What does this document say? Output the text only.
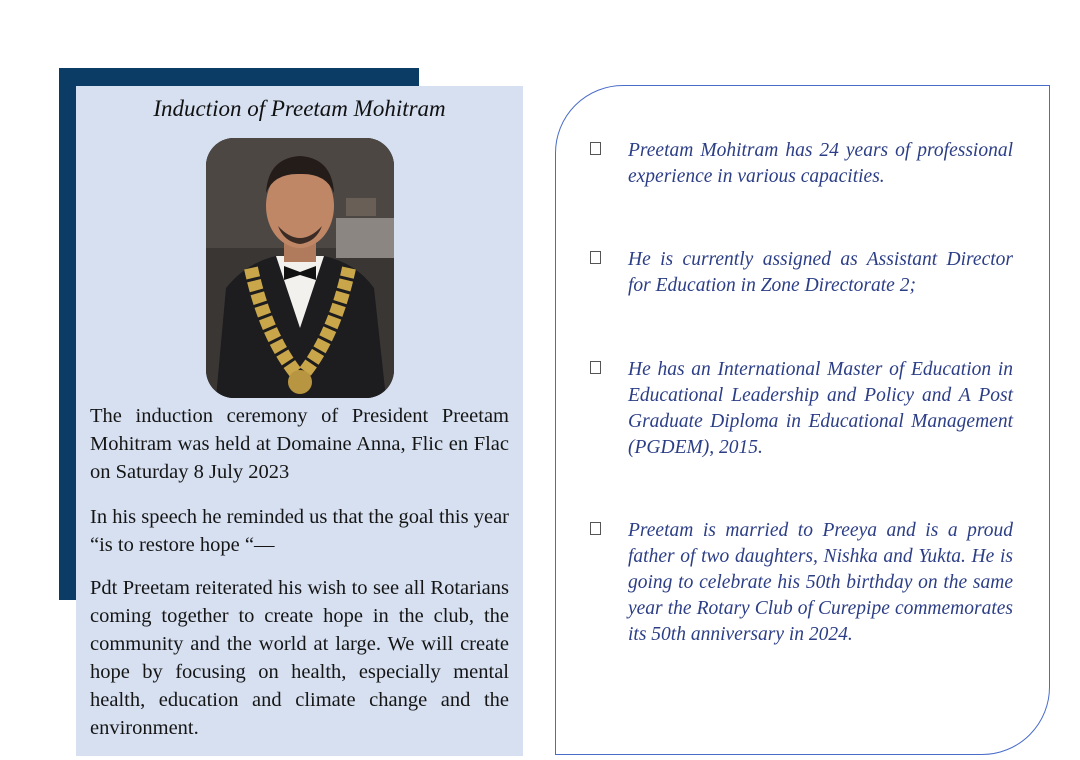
Induction of Preetam Mohitram

The induction ceremony of President Preetam Mohitram was held at Domaine Anna, Flic en Flac on Saturday 8 July 2023

In his speech he reminded us that the goal this year “is to restore hope “—

Pdt Preetam reiterated his wish to see all Rotarians coming together to create hope in the club, the community and the world at large. We will create hope by focusing on health, especially mental health, education and climate change and the environment.

Preetam Mohitram has 24 years of professional experience in various capacities.

He is currently assigned as Assistant Director for Education in Zone Directorate 2;

He has an International Master of Education in Educational Leadership and Policy and A Post Graduate Diploma in Educational Management (PGDEM), 2015.

Preetam is married to Preeya and is a proud father of two daughters, Nishka and Yukta. He is going to celebrate his 50th birthday on the same year the Rotary Club of Curepipe commemorates its 50th anniversary in 2024.
